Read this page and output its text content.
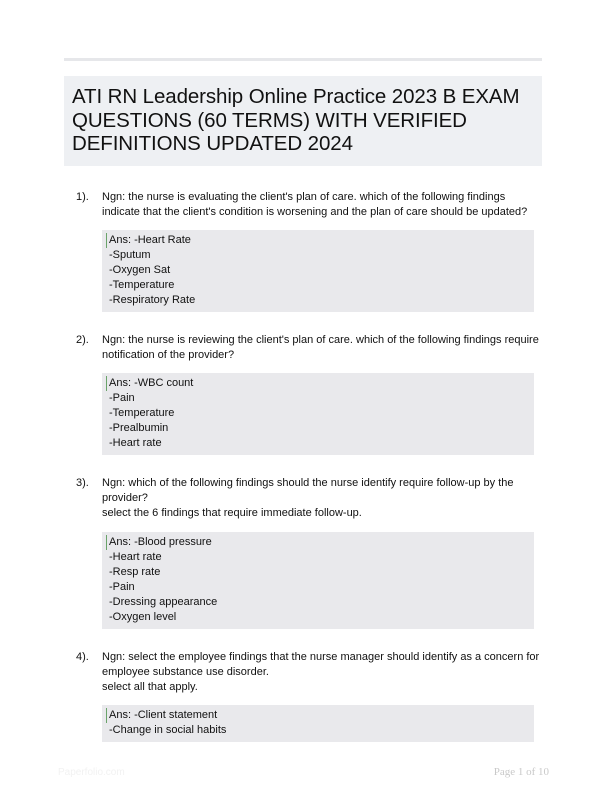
ATI RN Leadership Online Practice 2023 B EXAM QUESTIONS (60 TERMS) WITH VERIFIED DEFINITIONS UPDATED 2024
1). Ngn: the nurse is evaluating the client's plan of care. which of the following findings indicate that the client's condition is worsening and the plan of care should be updated?

Ans: -Heart Rate
-Sputum
-Oxygen Sat
-Temperature
-Respiratory Rate
2). Ngn: the nurse is reviewing the client's plan of care. which of the following findings require notification of the provider?

Ans: -WBC count
-Pain
-Temperature
-Prealbumin
-Heart rate
3). Ngn: which of the following findings should the nurse identify require follow-up by the provider?
select the 6 findings that require immediate follow-up.

Ans: -Blood pressure
-Heart rate
-Resp rate
-Pain
-Dressing appearance
-Oxygen level
4). Ngn: select the employee findings that the nurse manager should identify as a concern for employee substance use disorder.
select all that apply.

Ans: -Client statement
-Change in social habits
Paperfolio.com	Page 1 of 10
